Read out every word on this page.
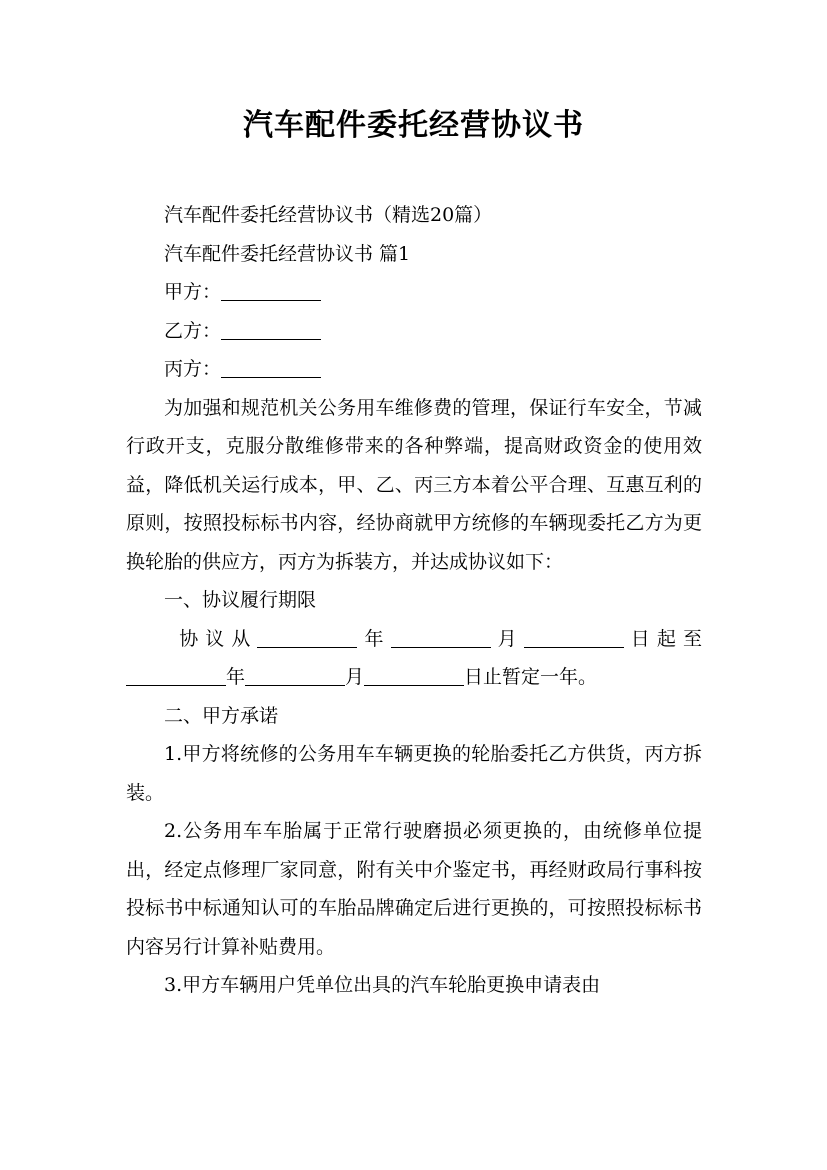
汽车配件委托经营协议书

汽车配件委托经营协议书（精选20篇）

汽车配件委托经营协议书 篇1

甲方：

乙方：

丙方：

为加强和规范机关公务用车维修费的管理，保证行车安全，节减行政开支，克服分散维修带来的各种弊端，提高财政资金的使用效益，降低机关运行成本，甲、乙、丙三方本着公平合理、互惠互利的原则，按照投标标书内容，经协商就甲方统修的车辆现委托乙方为更换轮胎的供应方，丙方为拆装方，并达成协议如下：

一、协议履行期限

协议从	年	月	日起至年	月	日止暂定一年。

二、甲方承诺

1.甲方将统修的公务用车车辆更换的轮胎委托乙方供货，丙方拆装。

2.公务用车车胎属于正常行驶磨损必须更换的，由统修单位提出，经定点修理厂家同意，附有关中介鉴定书，再经财政局行事科按投标书中标通知认可的车胎品牌确定后进行更换的，可按照投标标书内容另行计算补贴费用。

3.甲方车辆用户凭单位出具的汽车轮胎更换申请表由
